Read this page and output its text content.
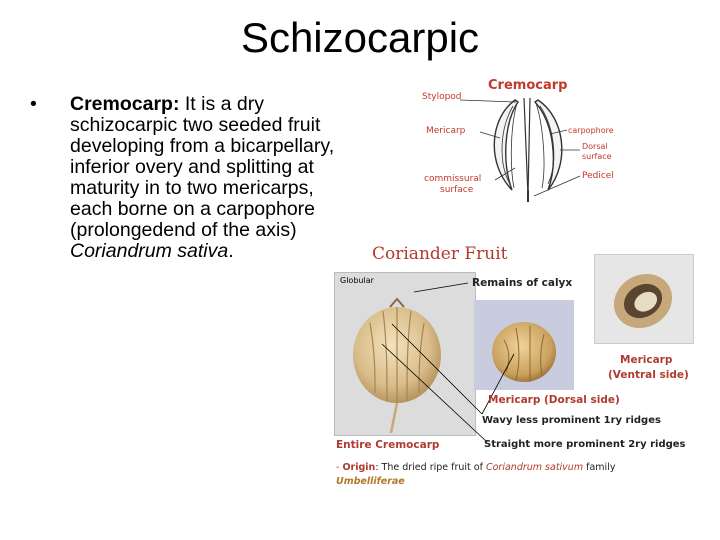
Schizocarpic
• Cremocarp: It is a dry schizocarpic two seeded fruit developing from a bicarpellary, inferior overy and splitting at maturity in to two mericarps, each borne on a carpophore (prolongedend of the axis) Coriandrum sativa.
Cremocarp
Stylopod
Mericarp
commissural
surface
carpophore
Dorsal
surface
Pedicel
Coriander Fruit
Globular	Remains of calyx
Mericarp
(Ventral side)
Mericarp (Dorsal side)
Wavy less prominent 1ry ridges
Entire Cremocarp	Straight more prominent 2ry ridges
- Origin: The dried ripe fruit of Coriandrum sativum family
Umbelliferae
